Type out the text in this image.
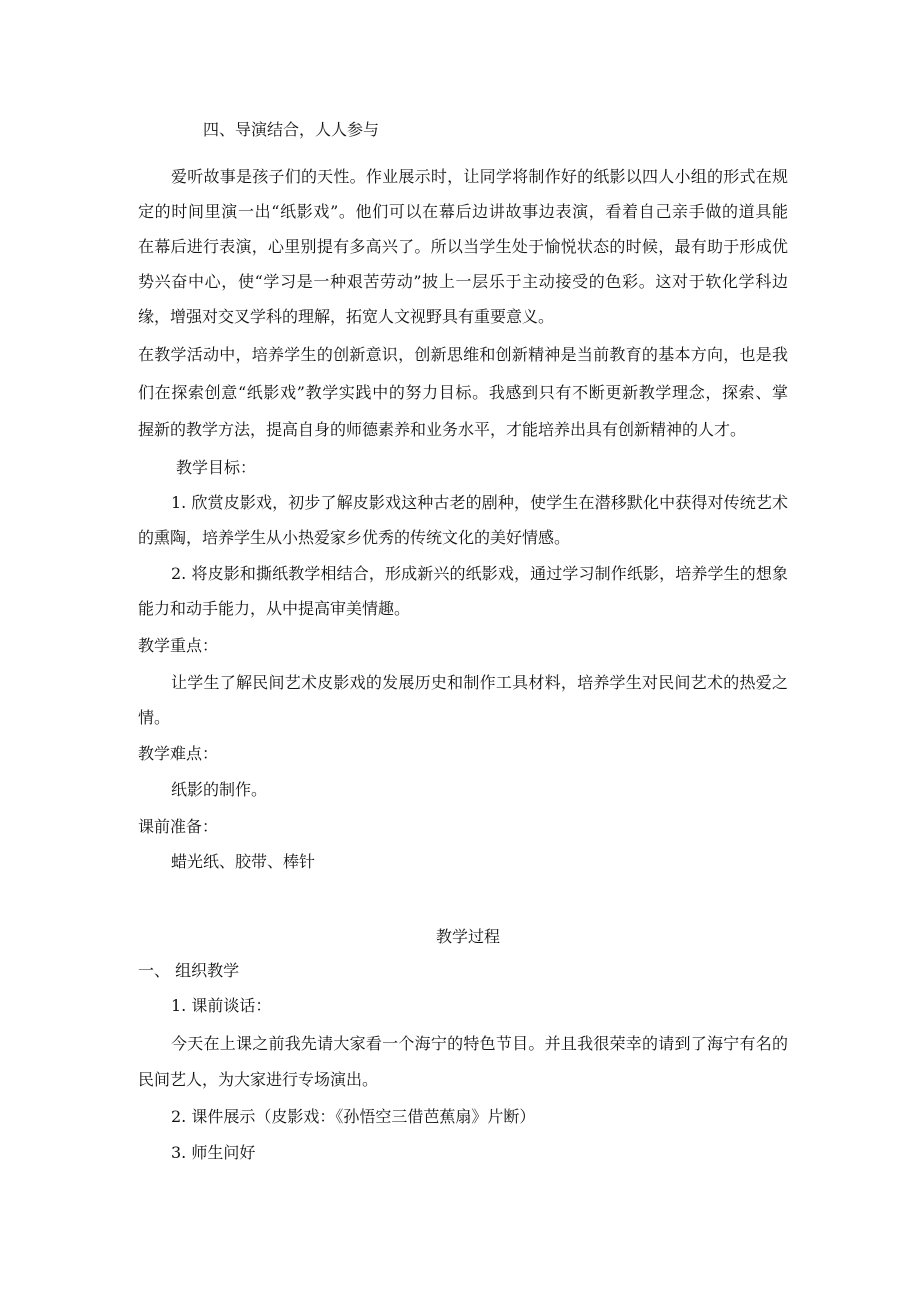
四、导演结合，人人参与
爱听故事是孩子们的天性。作业展示时，让同学将制作好的纸影以四人小组的形式在规
定的时间里演一出“纸影戏”。他们可以在幕后边讲故事边表演，看着自己亲手做的道具能
在幕后进行表演，心里别提有多高兴了。所以当学生处于愉悦状态的时候，最有助于形成优
势兴奋中心，使“学习是一种艰苦劳动”披上一层乐于主动接受的色彩。这对于软化学科边
缘，增强对交叉学科的理解，拓宽人文视野具有重要意义。
在教学活动中，培养学生的创新意识，创新思维和创新精神是当前教育的基本方向，也是我
们在探索创意“纸影戏”教学实践中的努力目标。我感到只有不断更新教学理念，探索、掌
握新的教学方法，提高自身的师德素养和业务水平，才能培养出具有创新精神的人才。
教学目标：
1. 欣赏皮影戏，初步了解皮影戏这种古老的剧种，使学生在潜移默化中获得对传统艺术
的熏陶，培养学生从小热爱家乡优秀的传统文化的美好情感。
2. 将皮影和撕纸教学相结合，形成新兴的纸影戏，通过学习制作纸影，培养学生的想象
能力和动手能力，从中提高审美情趣。
教学重点：
让学生了解民间艺术皮影戏的发展历史和制作工具材料，培养学生对民间艺术的热爱之
情。
教学难点：
纸影的制作。
课前准备：
蜡光纸、胶带、棒针
教学过程
一、 组织教学
1. 课前谈话：
今天在上课之前我先请大家看一个海宁的特色节目。并且我很荣幸的请到了海宁有名的
民间艺人，为大家进行专场演出。
2. 课件展示（皮影戏：《孙悟空三借芭蕉扇》片断）
3. 师生问好
